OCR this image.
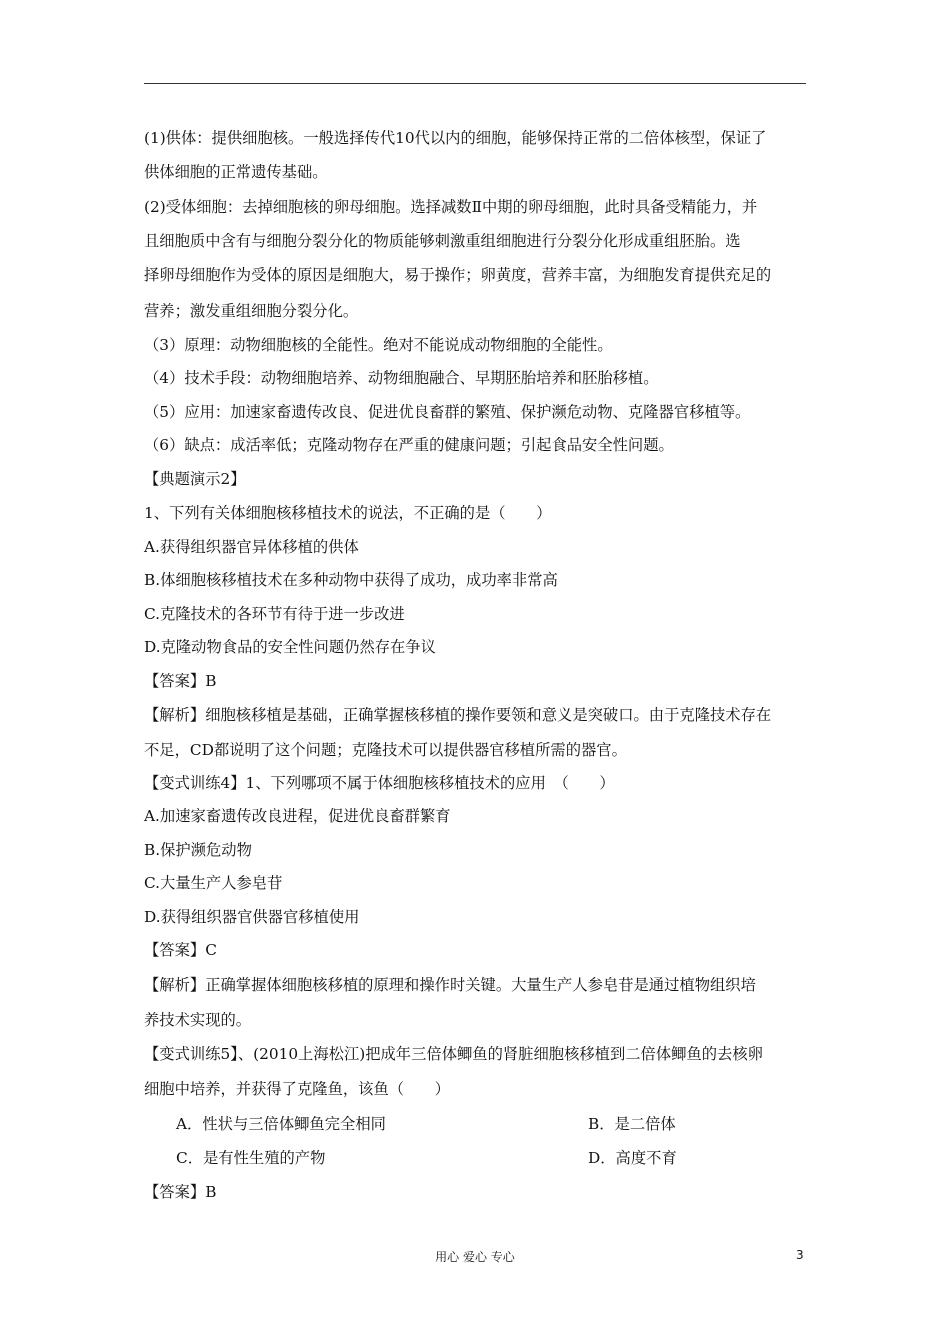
(1)供体：提供细胞核。一般选择传代10代以内的细胞，能够保持正常的二倍体核型，保证了
供体细胞的正常遗传基础。
(2)受体细胞：去掉细胞核的卵母细胞。选择减数Ⅱ中期的卵母细胞，此时具备受精能力，并
且细胞质中含有与细胞分裂分化的物质能够刺激重组细胞进行分裂分化形成重组胚胎。选
择卵母细胞作为受体的原因是细胞大，易于操作；卵黄度，营养丰富，为细胞发育提供充足的
营养；激发重组细胞分裂分化。
（3）原理：动物细胞核的全能性。绝对不能说成动物细胞的全能性。
（4）技术手段：动物细胞培养、动物细胞融合、早期胚胎培养和胚胎移植。
（5）应用：加速家畜遗传改良、促进优良畜群的繁殖、保护濒危动物、克隆器官移植等。
（6）缺点：成活率低；克隆动物存在严重的健康问题；引起食品安全性问题。
【典题演示2】
1、下列有关体细胞核移植技术的说法，不正确的是（　　）
A.获得组织器官异体移植的供体
B.体细胞核移植技术在多种动物中获得了成功，成功率非常高
C.克隆技术的各环节有待于进一步改进
D.克隆动物食品的安全性问题仍然存在争议
【答案】B
【解析】细胞核移植是基础，正确掌握核移植的操作要领和意义是突破口。由于克隆技术存在
不足，CD都说明了这个问题；克隆技术可以提供器官移植所需的器官。
【变式训练4】1、下列哪项不属于体细胞核移植技术的应用　（　　）
A.加速家畜遗传改良进程，促进优良畜群繁育
B.保护濒危动物
C.大量生产人参皂苷
D.获得组织器官供器官移植使用
【答案】C
【解析】正确掌握体细胞核移植的原理和操作时关键。大量生产人参皂苷是通过植物组织培
养技术实现的。
【变式训练5】、(2010上海松江)把成年三倍体鲫鱼的肾脏细胞核移植到二倍体鲫鱼的去核卵
细胞中培养，并获得了克隆鱼，该鱼（　　）
A．性状与三倍体鲫鱼完全相同	B．是二倍体
C．是有性生殖的产物	D．高度不育
【答案】B
用心 爱心 专心	3
